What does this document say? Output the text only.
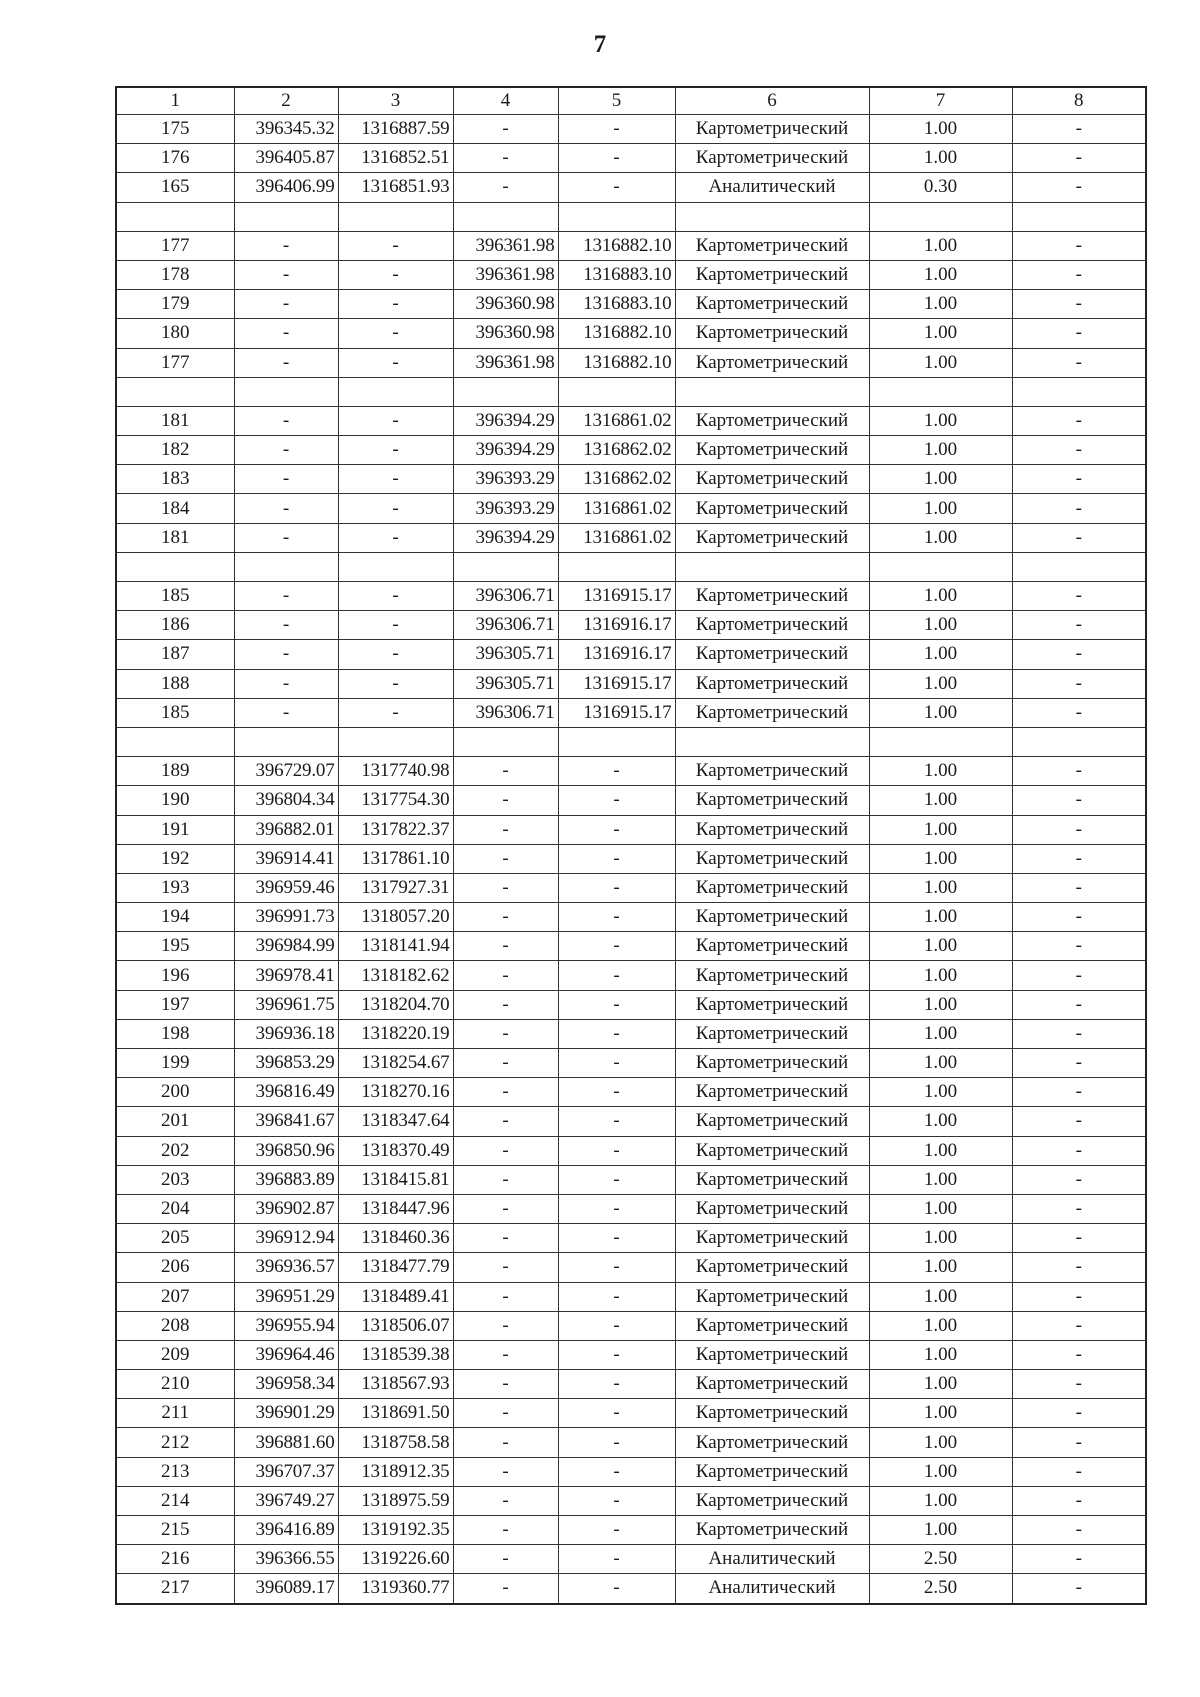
7
1	2	3	4	5	6	7	8
175	396345.32	1316887.59	-	-	Картометрический	1.00	-
176	396405.87	1316852.51	-	-	Картометрический	1.00	-
165	396406.99	1316851.93	-	-	Аналитический	0.30	-

177	-	-	396361.98	1316882.10	Картометрический	1.00	-
178	-	-	396361.98	1316883.10	Картометрический	1.00	-
179	-	-	396360.98	1316883.10	Картометрический	1.00	-
180	-	-	396360.98	1316882.10	Картометрический	1.00	-
177	-	-	396361.98	1316882.10	Картометрический	1.00	-

181	-	-	396394.29	1316861.02	Картометрический	1.00	-
182	-	-	396394.29	1316862.02	Картометрический	1.00	-
183	-	-	396393.29	1316862.02	Картометрический	1.00	-
184	-	-	396393.29	1316861.02	Картометрический	1.00	-
181	-	-	396394.29	1316861.02	Картометрический	1.00	-

185	-	-	396306.71	1316915.17	Картометрический	1.00	-
186	-	-	396306.71	1316916.17	Картометрический	1.00	-
187	-	-	396305.71	1316916.17	Картометрический	1.00	-
188	-	-	396305.71	1316915.17	Картометрический	1.00	-
185	-	-	396306.71	1316915.17	Картометрический	1.00	-

189	396729.07	1317740.98	-	-	Картометрический	1.00	-
190	396804.34	1317754.30	-	-	Картометрический	1.00	-
191	396882.01	1317822.37	-	-	Картометрический	1.00	-
192	396914.41	1317861.10	-	-	Картометрический	1.00	-
193	396959.46	1317927.31	-	-	Картометрический	1.00	-
194	396991.73	1318057.20	-	-	Картометрический	1.00	-
195	396984.99	1318141.94	-	-	Картометрический	1.00	-
196	396978.41	1318182.62	-	-	Картометрический	1.00	-
197	396961.75	1318204.70	-	-	Картометрический	1.00	-
198	396936.18	1318220.19	-	-	Картометрический	1.00	-
199	396853.29	1318254.67	-	-	Картометрический	1.00	-
200	396816.49	1318270.16	-	-	Картометрический	1.00	-
201	396841.67	1318347.64	-	-	Картометрический	1.00	-
202	396850.96	1318370.49	-	-	Картометрический	1.00	-
203	396883.89	1318415.81	-	-	Картометрический	1.00	-
204	396902.87	1318447.96	-	-	Картометрический	1.00	-
205	396912.94	1318460.36	-	-	Картометрический	1.00	-
206	396936.57	1318477.79	-	-	Картометрический	1.00	-
207	396951.29	1318489.41	-	-	Картометрический	1.00	-
208	396955.94	1318506.07	-	-	Картометрический	1.00	-
209	396964.46	1318539.38	-	-	Картометрический	1.00	-
210	396958.34	1318567.93	-	-	Картометрический	1.00	-
211	396901.29	1318691.50	-	-	Картометрический	1.00	-
212	396881.60	1318758.58	-	-	Картометрический	1.00	-
213	396707.37	1318912.35	-	-	Картометрический	1.00	-
214	396749.27	1318975.59	-	-	Картометрический	1.00	-
215	396416.89	1319192.35	-	-	Картометрический	1.00	-
216	396366.55	1319226.60	-	-	Аналитический	2.50	-
217	396089.17	1319360.77	-	-	Аналитический	2.50	-
